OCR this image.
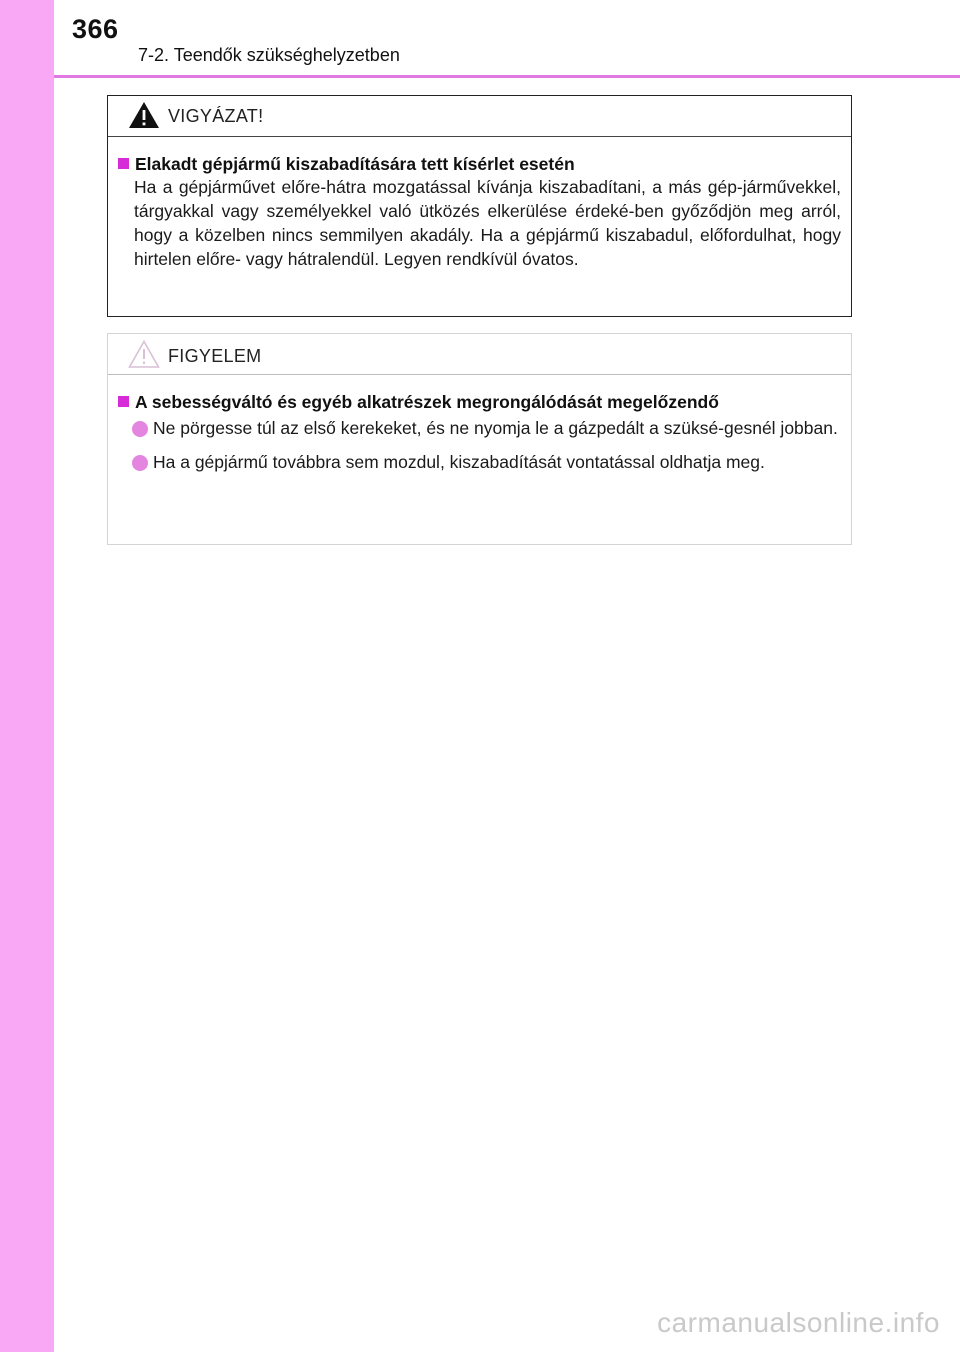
366
7-2. Teendők szükséghelyzetben
VIGYÁZAT!
Elakadt gépjármű kiszabadítására tett kísérlet esetén
Ha a gépjárművet előre-hátra mozgatással kívánja kiszabadítani, a más gép-járművekkel, tárgyakkal vagy személyekkel való ütközés elkerülése érdeké-ben győződjön meg arról, hogy a közelben nincs semmilyen akadály. Ha a gépjármű kiszabadul, előfordulhat, hogy hirtelen előre- vagy hátralendül. Legyen rendkívül óvatos.
FIGYELEM
A sebességváltó és egyéb alkatrészek megrongálódását megelőzendő
Ne pörgesse túl az első kerekeket, és ne nyomja le a gázpedált a szüksé-gesnél jobban.
Ha a gépjármű továbbra sem mozdul, kiszabadítását vontatással oldhatja meg.
carmanualsonline.info
